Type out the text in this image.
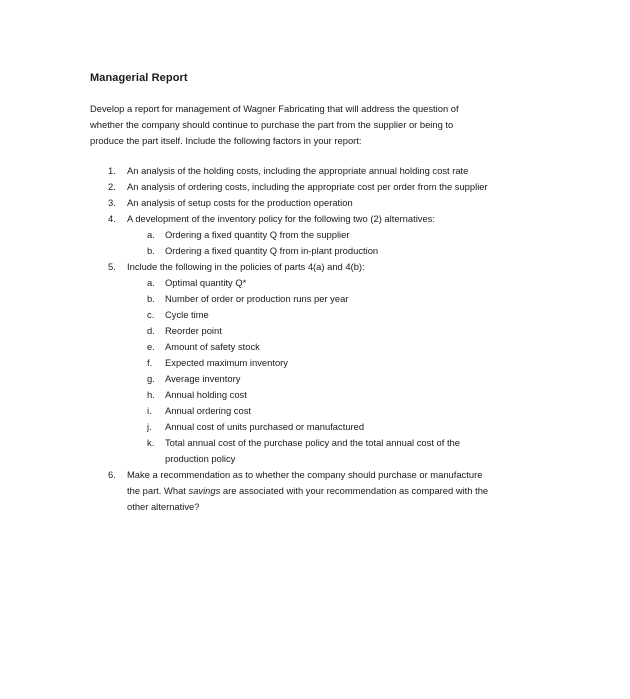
Managerial Report
Develop a report for management of Wagner Fabricating that will address the question of
whether the company should continue to purchase the part from the supplier or being to
produce the part itself. Include the following factors in your report:
1. An analysis of the holding costs, including the appropriate annual holding cost rate
2. An analysis of ordering costs, including the appropriate cost per order from the supplier
3. An analysis of setup costs for the production operation
4. A development of the inventory policy for the following two (2) alternatives:
a. Ordering a fixed quantity Q from the supplier
b. Ordering a fixed quantity Q from in-plant production
5. Include the following in the policies of parts 4(a) and 4(b):
a. Optimal quantity Q*
b. Number of order or production runs per year
c. Cycle time
d. Reorder point
e. Amount of safety stock
f. Expected maximum inventory
g. Average inventory
h. Annual holding cost
i. Annual ordering cost
j. Annual cost of units purchased or manufactured
k. Total annual cost of the purchase policy and the total annual cost of the
production policy
6. Make a recommendation as to whether the company should purchase or manufacture
the part. What savings are associated with your recommendation as compared with the
other alternative?
